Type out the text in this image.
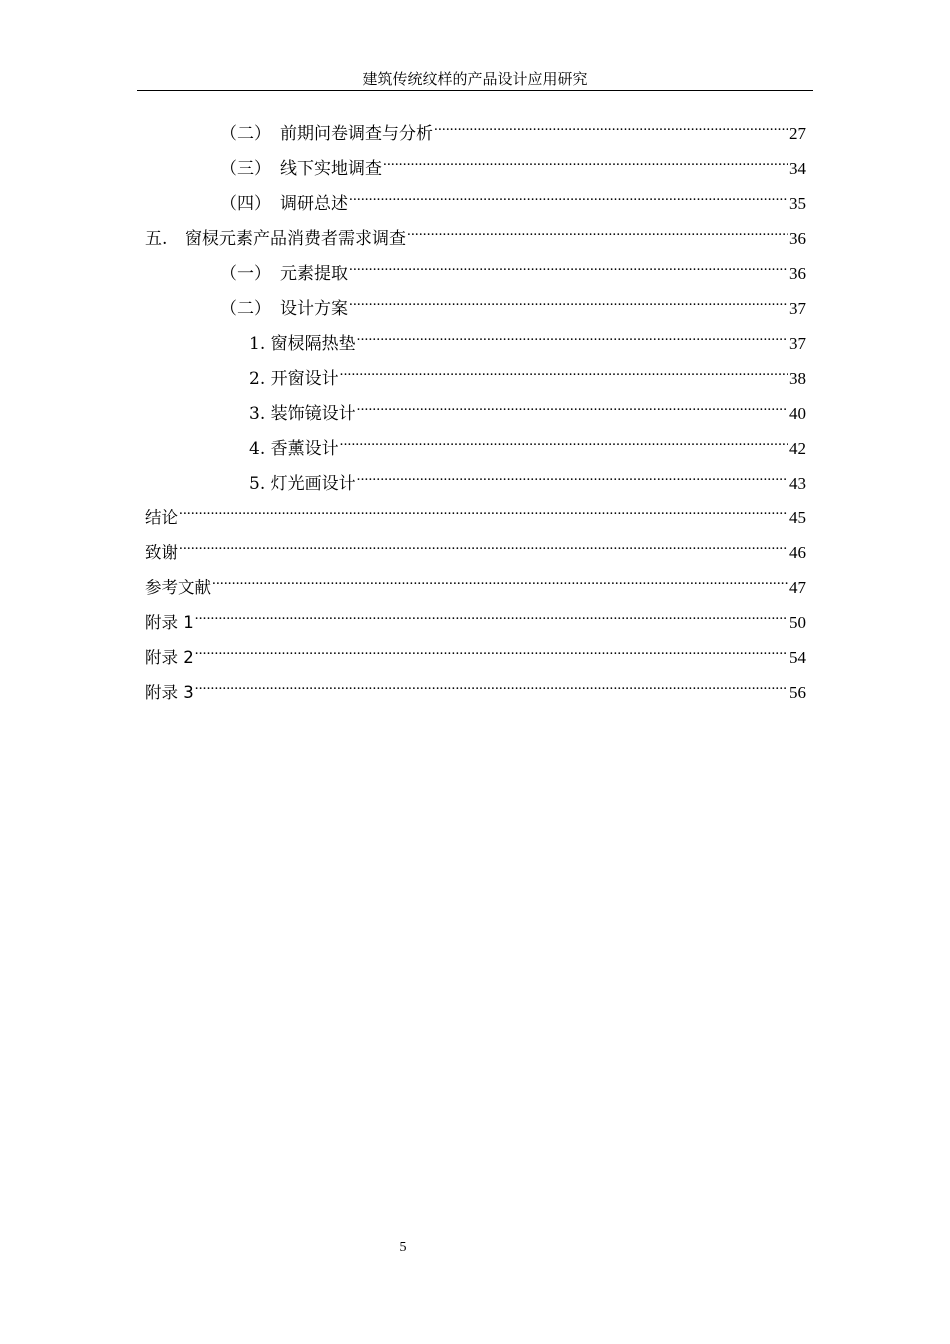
建筑传统纹样的产品设计应用研究
（二） 前期问卷调查与分析 .....	27
（三） 线下实地调查 .....	34
（四） 调研总述 .....	35
五.	窗棂元素产品消费者需求调查 .....	36
（一） 元素提取 .....	36
（二） 设计方案 .....	37
1. 窗棂隔热垫 .....	37
2. 开窗设计 .....	38
3. 装饰镜设计 .....	40
4. 香薰设计 .....	42
5. 灯光画设计 .....	43
结论 .....	45
致谢 .....	46
参考文献 .....	47
附录 1 .....	50
附录 2 .....	54
附录 3 .....	56
5
